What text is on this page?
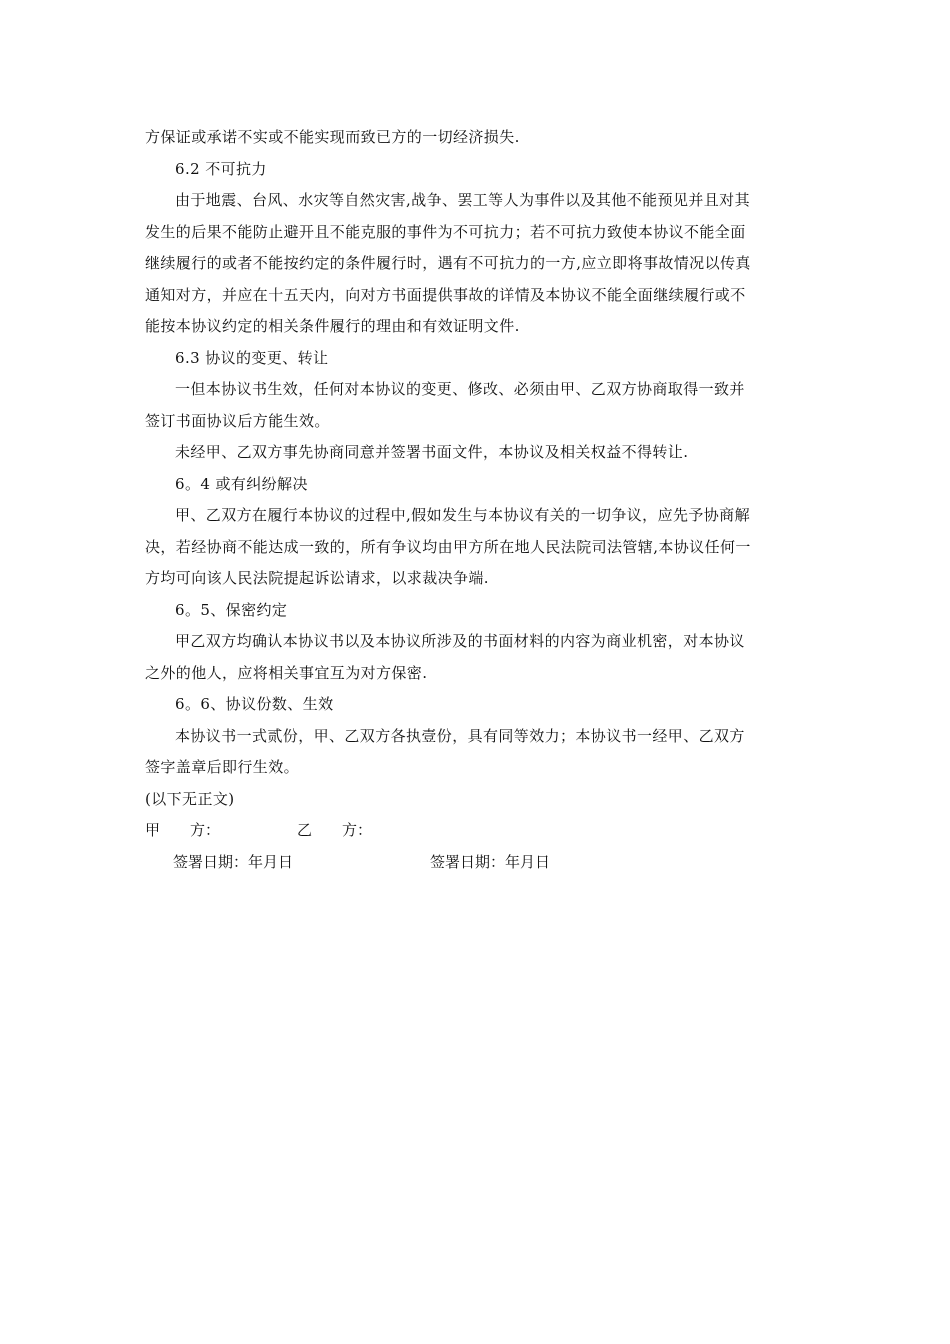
方保证或承诺不实或不能实现而致已方的一切经济损失.
6.2 不可抗力
由于地震、台风、水灾等自然灾害,战争、罢工等人为事件以及其他不能预见并且对其
发生的后果不能防止避开且不能克服的事件为不可抗力；若不可抗力致使本协议不能全面
继续履行的或者不能按约定的条件履行时，遇有不可抗力的一方,应立即将事故情况以传真
通知对方，并应在十五天内，向对方书面提供事故的详情及本协议不能全面继续履行或不
能按本协议约定的相关条件履行的理由和有效证明文件.
6.3 协议的变更、转让
一但本协议书生效，任何对本协议的变更、修改、必须由甲、乙双方协商取得一致并
签订书面协议后方能生效。
未经甲、乙双方事先协商同意并签署书面文件，本协议及相关权益不得转让.
6。4 或有纠纷解决
甲、乙双方在履行本协议的过程中,假如发生与本协议有关的一切争议，应先予协商解
决，若经协商不能达成一致的，所有争议均由甲方所在地人民法院司法管辖,本协议任何一
方均可向该人民法院提起诉讼请求，以求裁决争端.
6。5、保密约定
甲乙双方均确认本协议书以及本协议所涉及的书面材料的内容为商业机密，对本协议
之外的他人，应将相关事宜互为对方保密.
6。6、协议份数、生效
本协议书一式贰份，甲、乙双方各执壹份，具有同等效力；本协议书一经甲、乙双方
签字盖章后即行生效。
(以下无正文)
甲　　方：	乙　　方：
签署日期：年月日	签署日期：年月日
